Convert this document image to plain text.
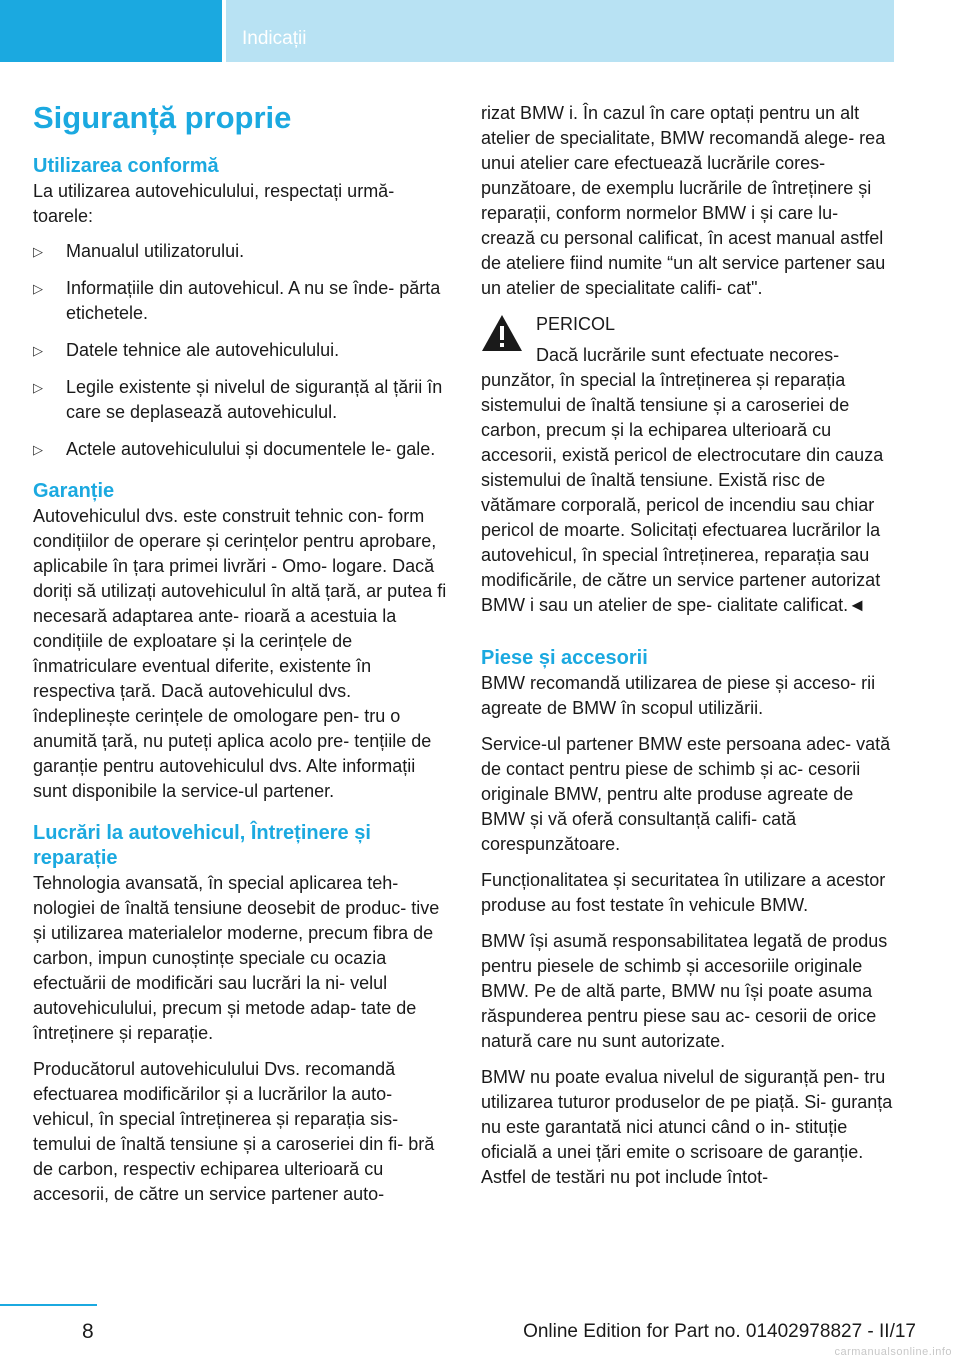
Indicații
Siguranță proprie
Utilizarea conformă

La utilizarea autovehiculului, respectați urmă- toarele:

▷ Manualul utilizatorului.
▷ Informațiile din autovehicul. A nu se înde- părta etichetele.
▷ Datele tehnice ale autovehiculului.
▷ Legile existente și nivelul de siguranță al țării în care se deplasează autovehiculul.
▷ Actele autovehiculului și documentele le- gale.
Garanție

Autovehiculul dvs. este construit tehnic con- form condițiilor de operare și cerințelor pentru aprobare, aplicabile în țara primei livrări - Omo- logare. Dacă doriți să utilizați autovehiculul în altă țară, ar putea fi necesară adaptarea ante- rioară a acestuia la condițiile de exploatare și la cerințele de înmatriculare eventual diferite, existente în respectiva țară. Dacă autovehiculul dvs. îndeplinește cerințele de omologare pen- tru o anumită țară, nu puteți aplica acolo pre- tențiile de garanție pentru autovehiculul dvs. Alte informații sunt disponibile la service-ul partener.

Lucrări la autovehicul, Întreținere și reparație

Tehnologia avansată, în special aplicarea teh- nologiei de înaltă tensiune deosebit de produc- tive și utilizarea materialelor moderne, precum fibra de carbon, impun cunoștințe speciale cu ocazia efectuării de modificări sau lucrări la ni- velul autovehiculului, precum și metode adap- tate de întreținere și reparație.

Producătorul autovehiculului Dvs. recomandă efectuarea modificărilor și a lucrărilor la auto- vehicul, în special întreținerea și reparația sis- temului de înaltă tensiune și a caroseriei din fi- bră de carbon, respectiv echiparea ulterioară cu accesorii, de către un service partener auto-

rizat BMW i. În cazul în care optați pentru un alt atelier de specialitate, BMW recomandă alege- rea unui atelier care efectuează lucrările cores- punzătoare, de exemplu lucrările de întreținere și reparații, conform normelor BMW i și care lu- crează cu personal calificat, în acest manual astfel de ateliere fiind numite “un alt service partener sau un atelier de specialitate califi- cat".

PERICOL

Dacă lucrările sunt efectuate necores- punzător, în special la întreținerea și reparația sistemului de înaltă tensiune și a caroseriei de carbon, precum și la echiparea ulterioară cu accesorii, există pericol de electrocutare din cauza sistemului de înaltă tensiune. Există risc de vătămare corporală, pericol de incendiu sau chiar pericol de moarte. Solicitați efectuarea lucrărilor la autovehicul, în special întreținerea, reparația sau modificările, de către un service partener autorizat BMW i sau un atelier de spe- cialitate calificat.◄

Piese și accesorii

BMW recomandă utilizarea de piese și acceso- rii agreate de BMW în scopul utilizării.

Service-ul partener BMW este persoana adec- vată de contact pentru piese de schimb și ac- cesorii originale BMW, pentru alte produse agreate de BMW și vă oferă consultanță califi- cată corespunzătoare.

Funcționalitatea și securitatea în utilizare a acestor produse au fost testate în vehicule BMW.

BMW își asumă responsabilitatea legată de produs pentru piesele de schimb și accesoriile originale BMW. Pe de altă parte, BMW nu își poate asuma răspunderea pentru piese sau ac- cesorii de orice natură care nu sunt autorizate.

BMW nu poate evalua nivelul de siguranță pen- tru utilizarea tuturor produselor de pe piață. Si- guranța nu este garantată nici atunci când o in- stituție oficială a unei țări emite o scrisoare de garanție. Astfel de testări nu pot include întot-

8	Online Edition for Part no. 01402978827 - II/17
carmanualsonline.info
